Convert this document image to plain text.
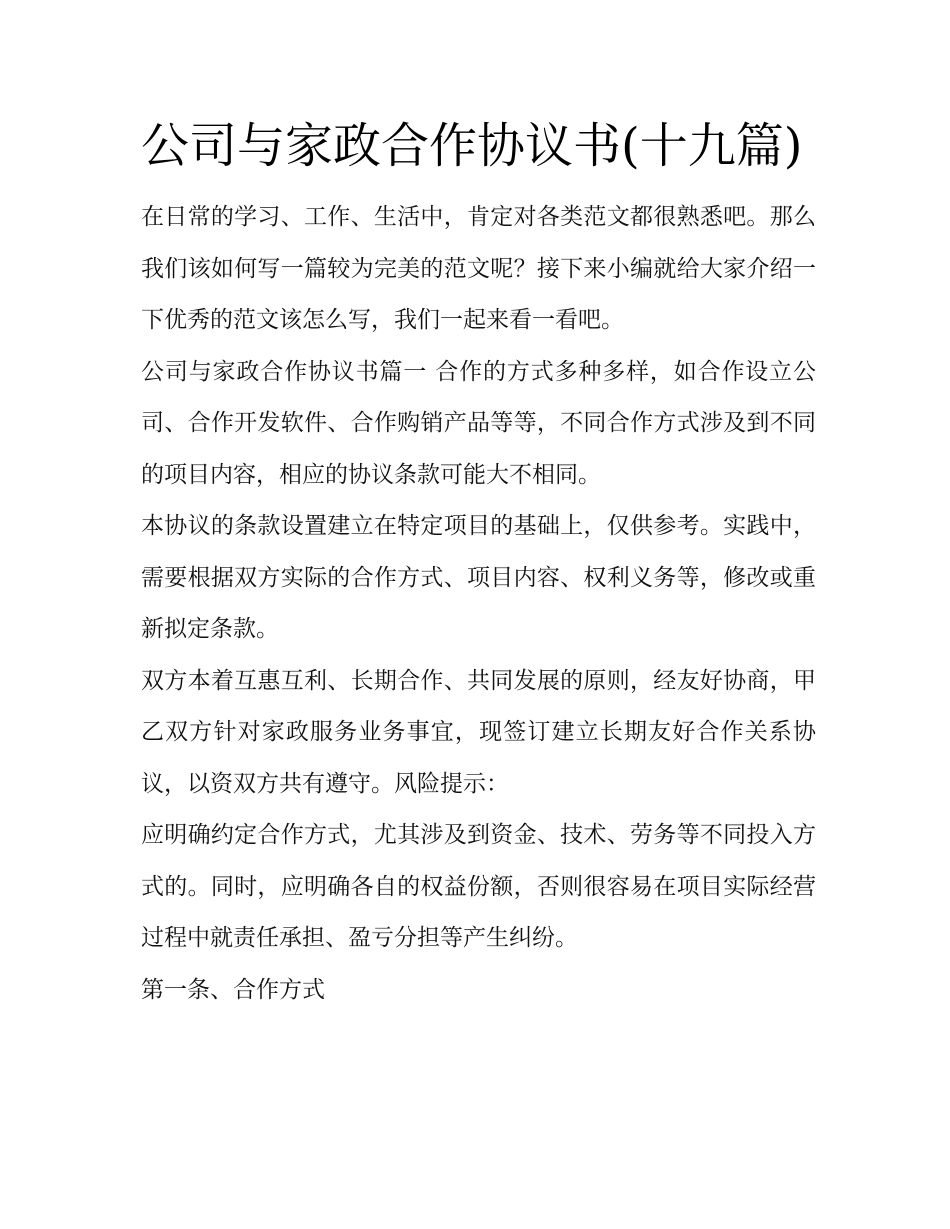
公司与家政合作协议书(十九篇)

在日常的学习、工作、生活中，肯定对各类范文都很熟悉吧。那么我们该如何写一篇较为完美的范文呢？接下来小编就给大家介绍一下优秀的范文该怎么写，我们一起来看一看吧。

公司与家政合作协议书篇一 合作的方式多种多样，如合作设立公司、合作开发软件、合作购销产品等等，不同合作方式涉及到不同的项目内容，相应的协议条款可能大不相同。

本协议的条款设置建立在特定项目的基础上，仅供参考。实践中，需要根据双方实际的合作方式、项目内容、权利义务等，修改或重新拟定条款。

双方本着互惠互利、长期合作、共同发展的原则，经友好协商，甲乙双方针对家政服务业务事宜，现签订建立长期友好合作关系协议，以资双方共有遵守。风险提示：

应明确约定合作方式，尤其涉及到资金、技术、劳务等不同投入方式的。同时，应明确各自的权益份额，否则很容易在项目实际经营过程中就责任承担、盈亏分担等产生纠纷。

第一条、合作方式
